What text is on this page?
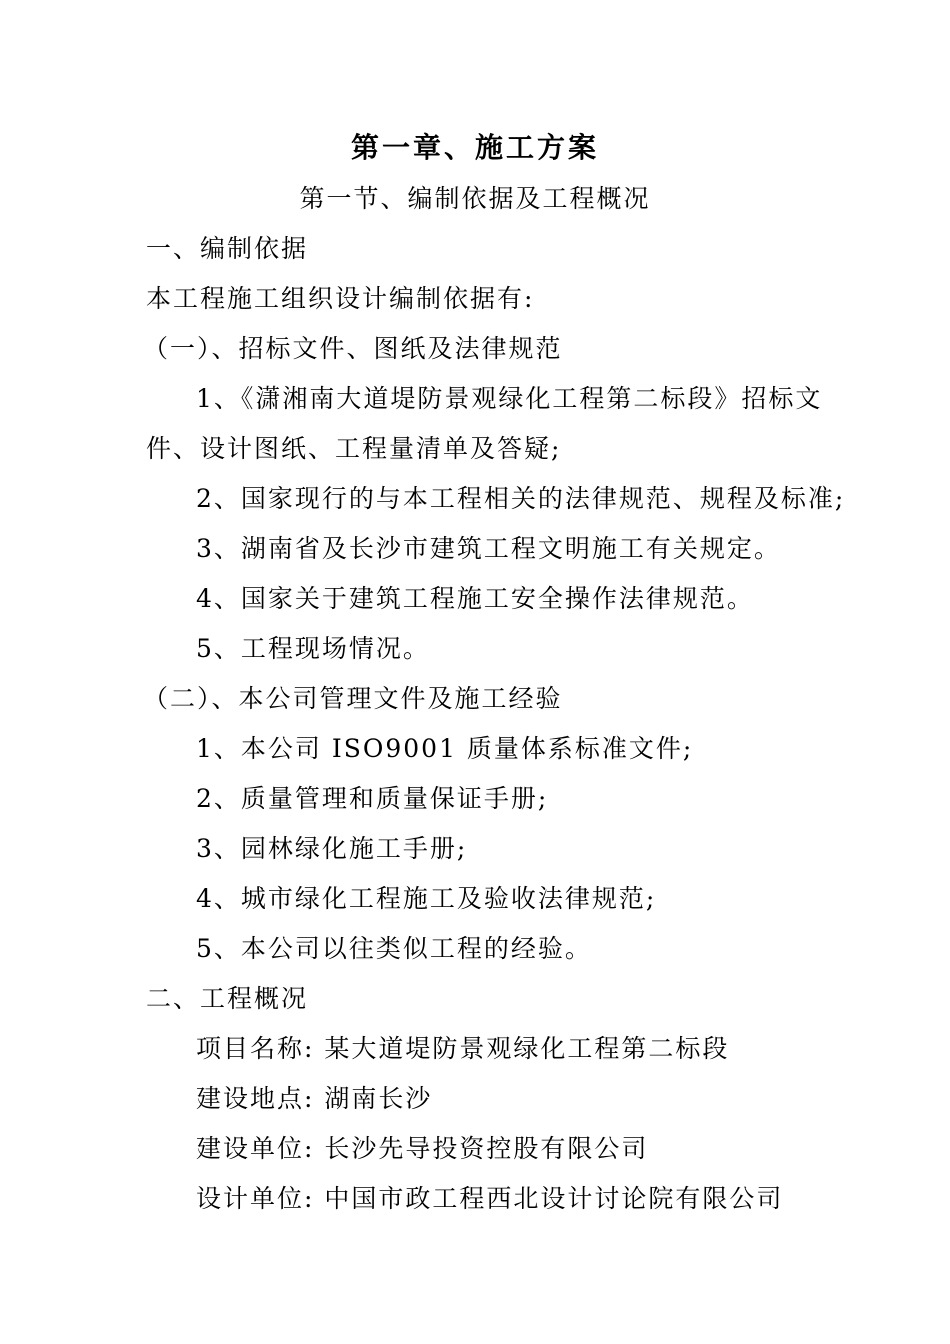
第一章、施工方案
第一节、编制依据及工程概况
一、编制依据
本工程施工组织设计编制依据有:
（一）、招标文件、图纸及法律规范
1、《潇湘南大道堤防景观绿化工程第二标段》招标文
件、设计图纸、工程量清单及答疑;
2、国家现行的与本工程相关的法律规范、规程及标准;
3、湖南省及长沙市建筑工程文明施工有关规定。
4、国家关于建筑工程施工安全操作法律规范。
5、工程现场情况。
（二）、本公司管理文件及施工经验
1、本公司 ISO9001 质量体系标准文件;
2、质量管理和质量保证手册;
3、园林绿化施工手册;
4、城市绿化工程施工及验收法律规范;
5、本公司以往类似工程的经验。
二、工程概况
项目名称: 某大道堤防景观绿化工程第二标段
建设地点: 湖南长沙
建设单位: 长沙先导投资控股有限公司
设计单位: 中国市政工程西北设计讨论院有限公司
